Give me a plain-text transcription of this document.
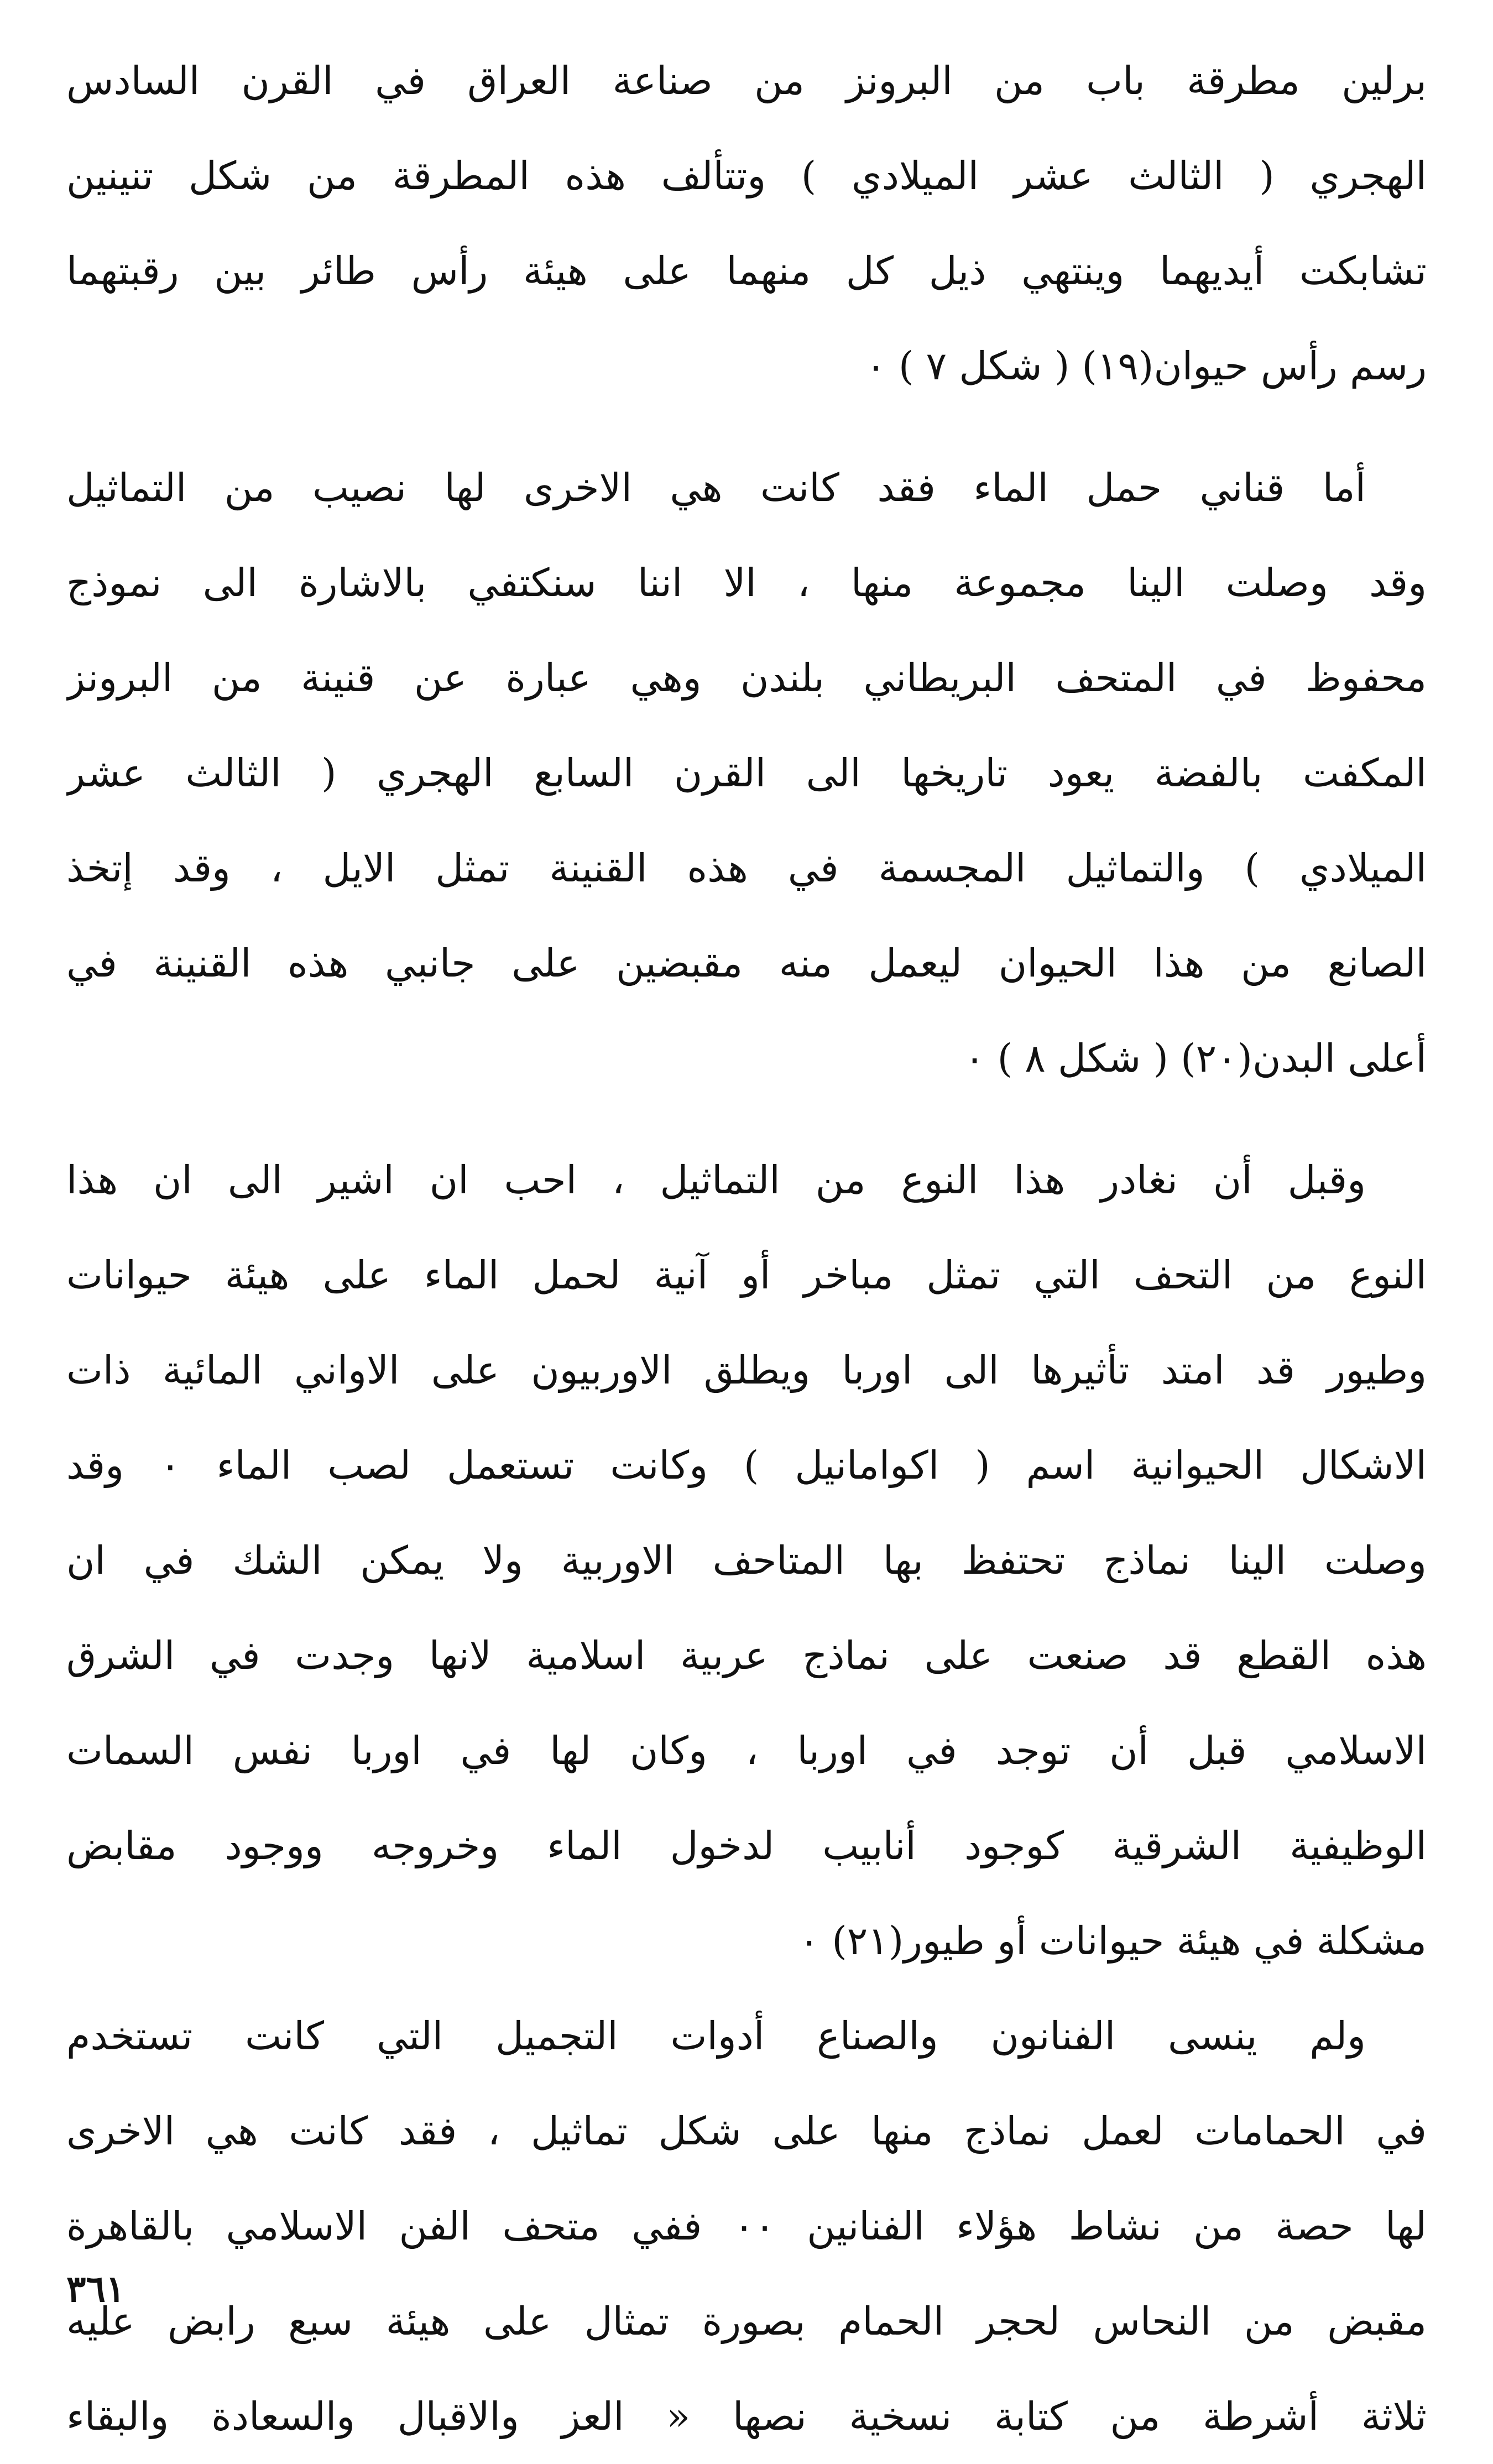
برلين مطرقة باب من البرونز من صناعة العراق في القرن السادس
الهجري ( الثالث عشر الميلادي ) وتتألف هذه المطرقة من شكل تنينين
تشابكت أيديهما وينتهي ذيل كل منهما على هيئة رأس طائر بين رقبتهما
رسم رأس حيوان(١٩) ( شكل ٧ ) ٠
أما قناني حمل الماء فقد كانت هي الاخرى لها نصيب من التماثيل
وقد وصلت الينا مجموعة منها ، الا اننا سنكتفي بالاشارة الى نموذج
محفوظ في المتحف البريطاني بلندن وهي عبارة عن قنينة من البرونز
المكفت بالفضة يعود تاريخها الى القرن السابع الهجري ( الثالث عشر
الميلادي ) والتماثيل المجسمة في هذه القنينة تمثل الايل ، وقد إتخذ
الصانع من هذا الحيوان ليعمل منه مقبضين على جانبي هذه القنينة في
أعلى البدن(٢٠) ( شكل ٨ ) ٠
وقبل أن نغادر هذا النوع من التماثيل ، احب ان اشير الى ان هذا
النوع من التحف التي تمثل مباخر أو آنية لحمل الماء على هيئة حيوانات
وطيور قد امتد تأثيرها الى اوربا ويطلق الاوربيون على الاواني المائية ذات
الاشكال الحيوانية اسم ( اكوامانيل ) وكانت تستعمل لصب الماء ٠ وقد
وصلت الينا نماذج تحتفظ بها المتاحف الاوربية ولا يمكن الشك في ان
هذه القطع قد صنعت على نماذج عربية اسلامية لانها وجدت في الشرق
الاسلامي قبل أن توجد في اوربا ، وكان لها في اوربا نفس السمات
الوظيفية الشرقية كوجود أنابيب لدخول الماء وخروجه ووجود مقابض
مشكلة في هيئة حيوانات أو طيور(٢١) ٠
ولم ينسى الفنانون والصناع أدوات التجميل التي كانت تستخدم
في الحمامات لعمل نماذج منها على شكل تماثيل ، فقد كانت هي الاخرى
لها حصة من نشاط هؤلاء الفنانين ٠٠ ففي متحف الفن الاسلامي بالقاهرة
مقبض من النحاس لحجر الحمام بصورة تمثال على هيئة سبع رابض عليه
ثلاثة أشرطة من كتابة نسخية نصها « العز والاقبال والسعادة والبقاء
٣٦١
